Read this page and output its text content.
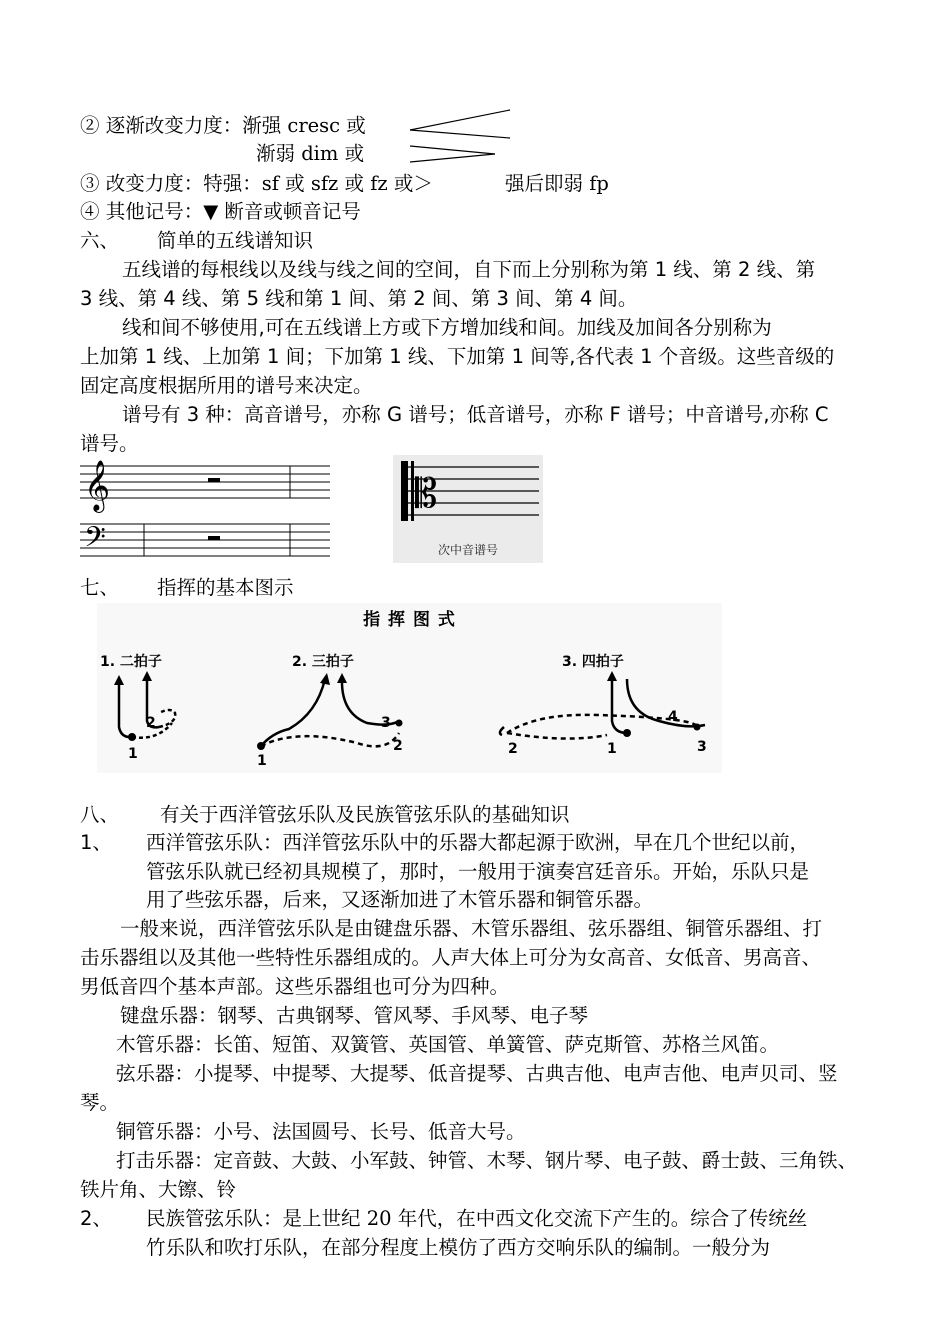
② 逐渐改变力度：渐强 cresc 或
渐弱 dim 或
③ 改变力度：特强：sf 或 sfz 或 fz 或＞	强后即弱 fp
④ 其他记号：▼ 断音或顿音记号
六、 简单的五线谱知识
五线谱的每根线以及线与线之间的空间，自下而上分别称为第 1 线、第 2 线、第
3 线、第 4 线、第 5 线和第 1 间、第 2 间、第 3 间、第 4 间。
线和间不够使用,可在五线谱上方或下方增加线和间。加线及加间各分别称为
上加第 1 线、上加第 1 间；下加第 1 线、下加第 1 间等,各代表 1 个音级。这些音级的
固定高度根据所用的谱号来决定。
谱号有 3 种：高音谱号，亦称 G 谱号；低音谱号，亦称 F 谱号；中音谱号,亦称 C
谱号。
𝄞
𝄢
𝄡
次中音谱号
七、 指挥的基本图示
指 挥 图 式
1. 二拍子	2. 三拍子	3. 四拍子
1
2
1
2
3
2	1	3
4
八、 有关于西洋管弦乐队及民族管弦乐队的基础知识
1、 西洋管弦乐队：西洋管弦乐队中的乐器大都起源于欧洲，早在几个世纪以前，
管弦乐队就已经初具规模了，那时，一般用于演奏宫廷音乐。开始，乐队只是
用了些弦乐器，后来，又逐渐加进了木管乐器和铜管乐器。
一般来说，西洋管弦乐队是由键盘乐器、木管乐器组、弦乐器组、铜管乐器组、打
击乐器组以及其他一些特性乐器组成的。人声大体上可分为女高音、女低音、男高音、
男低音四个基本声部。这些乐器组也可分为四种。
键盘乐器：钢琴、古典钢琴、管风琴、手风琴、电子琴
木管乐器：长笛、短笛、双簧管、英国管、单簧管、萨克斯管、苏格兰风笛。
弦乐器：小提琴、中提琴、大提琴、低音提琴、古典吉他、电声吉他、电声贝司、竖
琴。
铜管乐器：小号、法国圆号、长号、低音大号。
打击乐器：定音鼓、大鼓、小军鼓、钟管、木琴、钢片琴、电子鼓、爵士鼓、三角铁、
铁片角、大镲、铃
2、 民族管弦乐队：是上世纪 20 年代，在中西文化交流下产生的。综合了传统丝
竹乐队和吹打乐队，在部分程度上模仿了西方交响乐队的编制。一般分为
